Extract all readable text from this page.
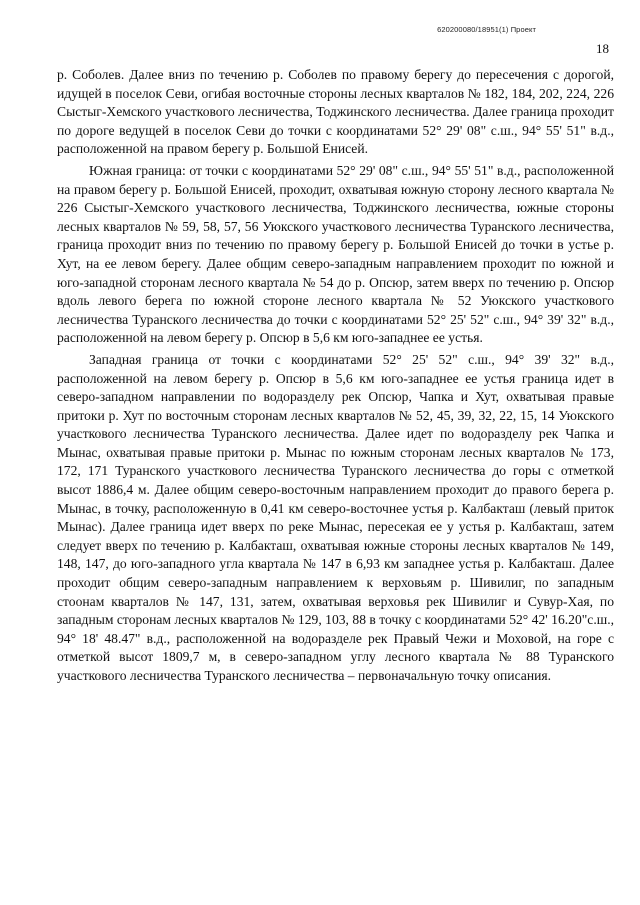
620200080/18951(1) Проект
18

р. Соболев. Далее вниз по течению р. Соболев по правому берегу до пересечения с дорогой, идущей в поселок Севи, огибая восточные стороны лесных кварталов № 182, 184, 202, 224, 226 Сыстыг-Хемского участкового лесничества, Тоджинского лесничества. Далее граница проходит по дороге ведущей в поселок Севи до точки с координатами 52° 29' 08" с.ш., 94° 55' 51" в.д., расположенной на правом берегу р. Большой Енисей.

Южная граница: от точки с координатами 52° 29' 08" с.ш., 94° 55' 51" в.д., расположенной на правом берегу р. Большой Енисей, проходит, охватывая южную сторону лесного квартала № 226 Сыстыг-Хемского участкового лесничества, Тоджинского лесничества, южные стороны лесных кварталов № 59, 58, 57, 56 Уюкского участкового лесничества Туранского лесничества, граница проходит вниз по течению по правому берегу р. Большой Енисей до точки в устье р. Хут, на ее левом берегу. Далее общим северо-западным направлением проходит по южной и юго-западной сторонам лесного квартала № 54 до р. Опсюр, затем вверх по течению р. Опсюр вдоль левого берега по южной стороне лесного квартала № 52 Уюкского участкового лесничества Туранского лесничества до точки с координатами 52° 25' 52" с.ш., 94° 39' 32" в.д., расположенной на левом берегу р. Опсюр в 5,6 км юго-западнее ее устья.

Западная граница от точки с координатами 52° 25' 52" с.ш., 94° 39' 32" в.д., расположенной на левом берегу р. Опсюр в 5,6 км юго-западнее ее устья граница идет в северо-западном направлении по водоразделу рек Опсюр, Чапка и Хут, охватывая правые притоки р. Хут по восточным сторонам лесных кварталов № 52, 45, 39, 32, 22, 15, 14 Уюкского участкового лесничества Туранского лесничества. Далее идет по водоразделу рек Чапка и Мынас, охватывая правые притоки р. Мынас по южным сторонам лесных кварталов № 173, 172, 171 Туранского участкового лесничества Туранского лесничества до горы с отметкой высот 1886,4 м. Далее общим северо-восточным направлением проходит до правого берега р. Мынас, в точку, расположенную в 0,41 км северо-восточнее устья р. Калбакташ (левый приток Мынас). Далее граница идет вверх по реке Мынас, пересекая ее у устья р. Калбакташ, затем следует вверх по течению р. Калбакташ, охватывая южные стороны лесных кварталов № 149, 148, 147, до юго-западного угла квартала № 147 в 6,93 км западнее устья р. Калбакташ. Далее проходит общим северо-западным направлением к верховьям р. Шивилиг, по западным стоонам кварталов № 147, 131, затем, охватывая верховья рек Шивилиг и Сувур-Хая, по западным сторонам лесных кварталов № 129, 103, 88 в точку с координатами 52° 42' 16.20"с.ш., 94° 18' 48.47" в.д., расположенной на водоразделе рек Правый Чежи и Моховой, на горе с отметкой высот 1809,7 м, в северо-западном углу лесного квартала № 88 Туранского участкового лесничества Туранского лесничества – первоначальную точку описания.
